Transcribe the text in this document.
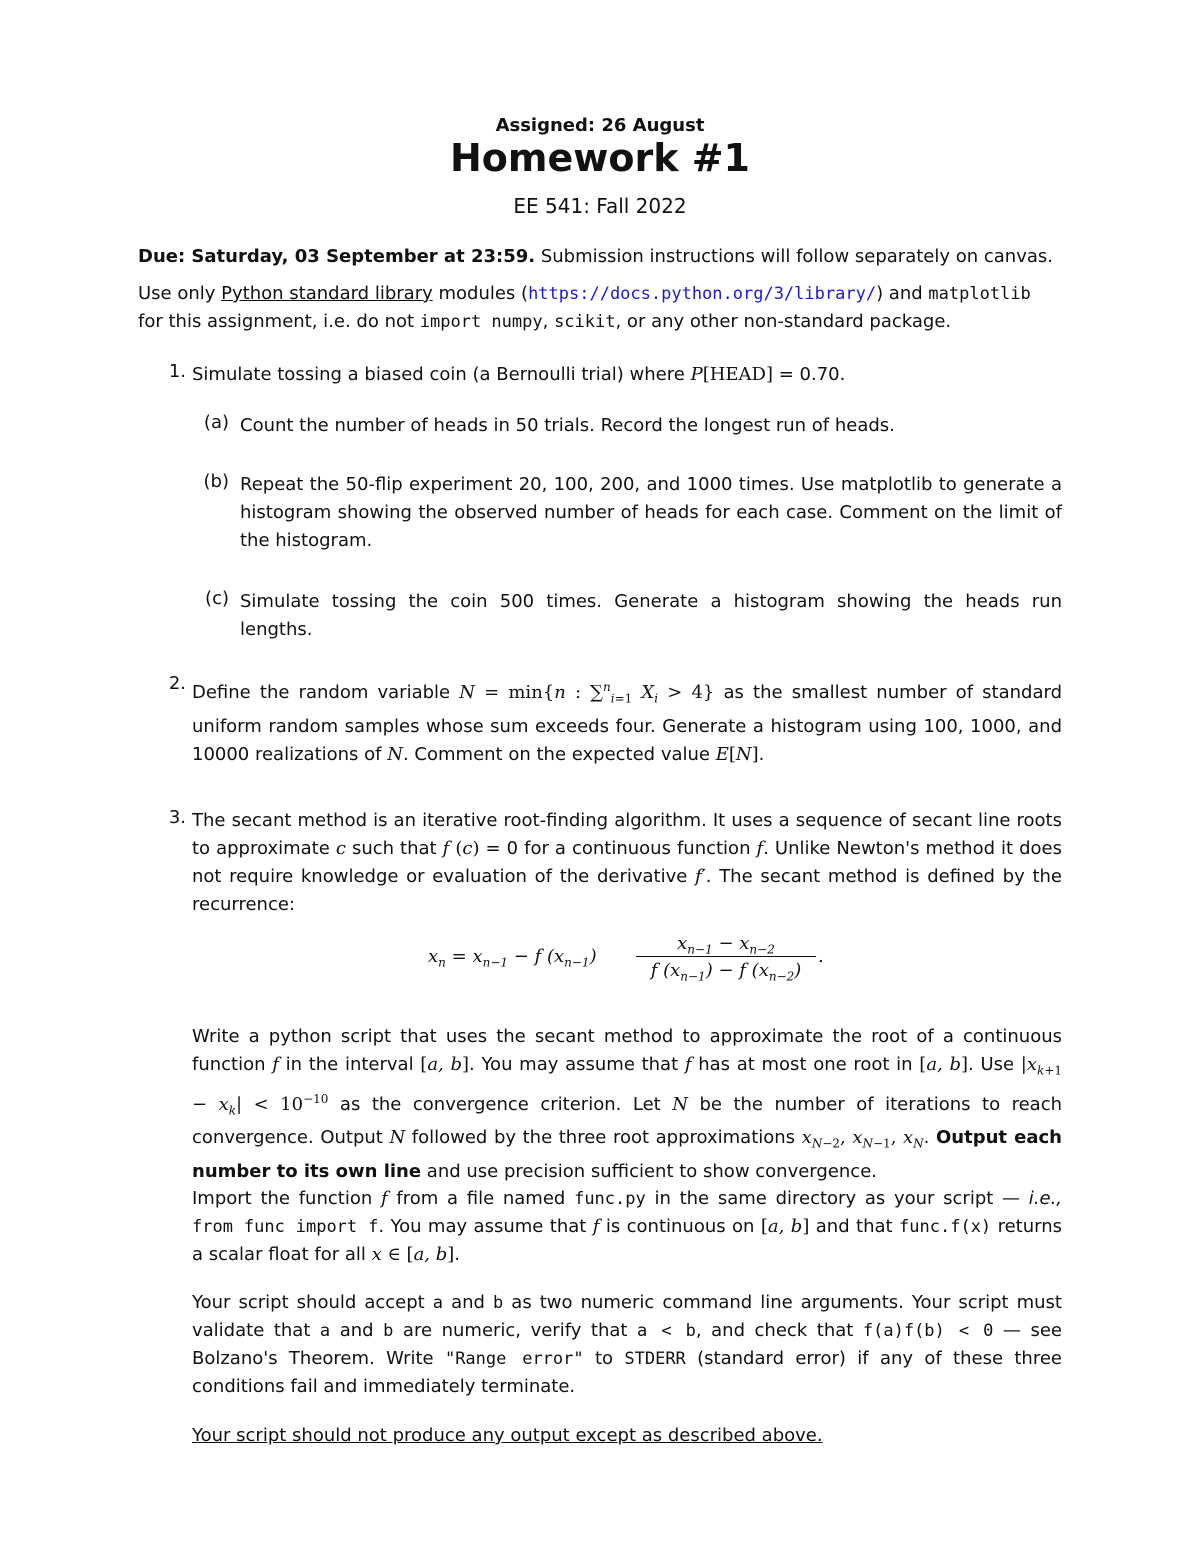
Assigned: 26 August
Homework #1
EE 541: Fall 2022
Due: Saturday, 03 September at 23:59. Submission instructions will follow separately on canvas.
Use only Python standard library modules (https://docs.python.org/3/library/) and matplotlib
for this assignment, i.e. do not import numpy, scikit, or any other non-standard package.
1. Simulate tossing a biased coin (a Bernoulli trial) where P[HEAD] = 0.70.
(a) Count the number of heads in 50 trials. Record the longest run of heads.
(b) Repeat the 50-flip experiment 20, 100, 200, and 1000 times. Use matplotlib to generate a histogram showing the observed number of heads for each case. Comment on the limit of the histogram.
(c) Simulate tossing the coin 500 times. Generate a histogram showing the heads run lengths.
2. Define the random variable N = min{n : ∑$^n_{i=1}$ $X_i > 4$} as the smallest number of standard uniform random samples whose sum exceeds four. Generate a histogram using 100, 1000, and 10000 realizations of N. Comment on the expected value E[N].
3. The secant method is an iterative root-finding algorithm. It uses a sequence of secant line roots to approximate c such that f (c) = 0 for a continuous function f. Unlike Newton's method it does not require knowledge or evaluation of the derivative f′. The secant method is defined by the recurrence:
$x_n = x_{n-1} - f$ $(x_{n-1})$
$x_{n-1} - x_{n-2}$
f $(x_{n-1}) - f$ $(x_{n-2})$
.
Write a python script that uses the secant method to approximate the root of a continuous function f in the interval [a, b]. You may assume that f has at most one root in [a, b]. Use $|x_{k+1} - x_k| < 10^{-10}$ as the convergence criterion. Let N be the number of iterations to reach convergence. Output N followed by the three root approximations $x_{N-2}$, $x_{N-1}$, $x_N$. Output each number to its own line and use precision sufficient to show convergence.
Import the function f from a file named func.py in the same directory as your script — i.e., from func import f. You may assume that f is continuous on [a, b] and that func.f(x) returns a scalar float for all x ∈ [a, b].
Your script should accept a and b as two numeric command line arguments. Your script must validate that a and b are numeric, verify that a < b, and check that f(a)f(b) < 0 — see Bolzano's Theorem. Write "Range error" to STDERR (standard error) if any of these three conditions fail and immediately terminate.
Your script should not produce any output except as described above.
